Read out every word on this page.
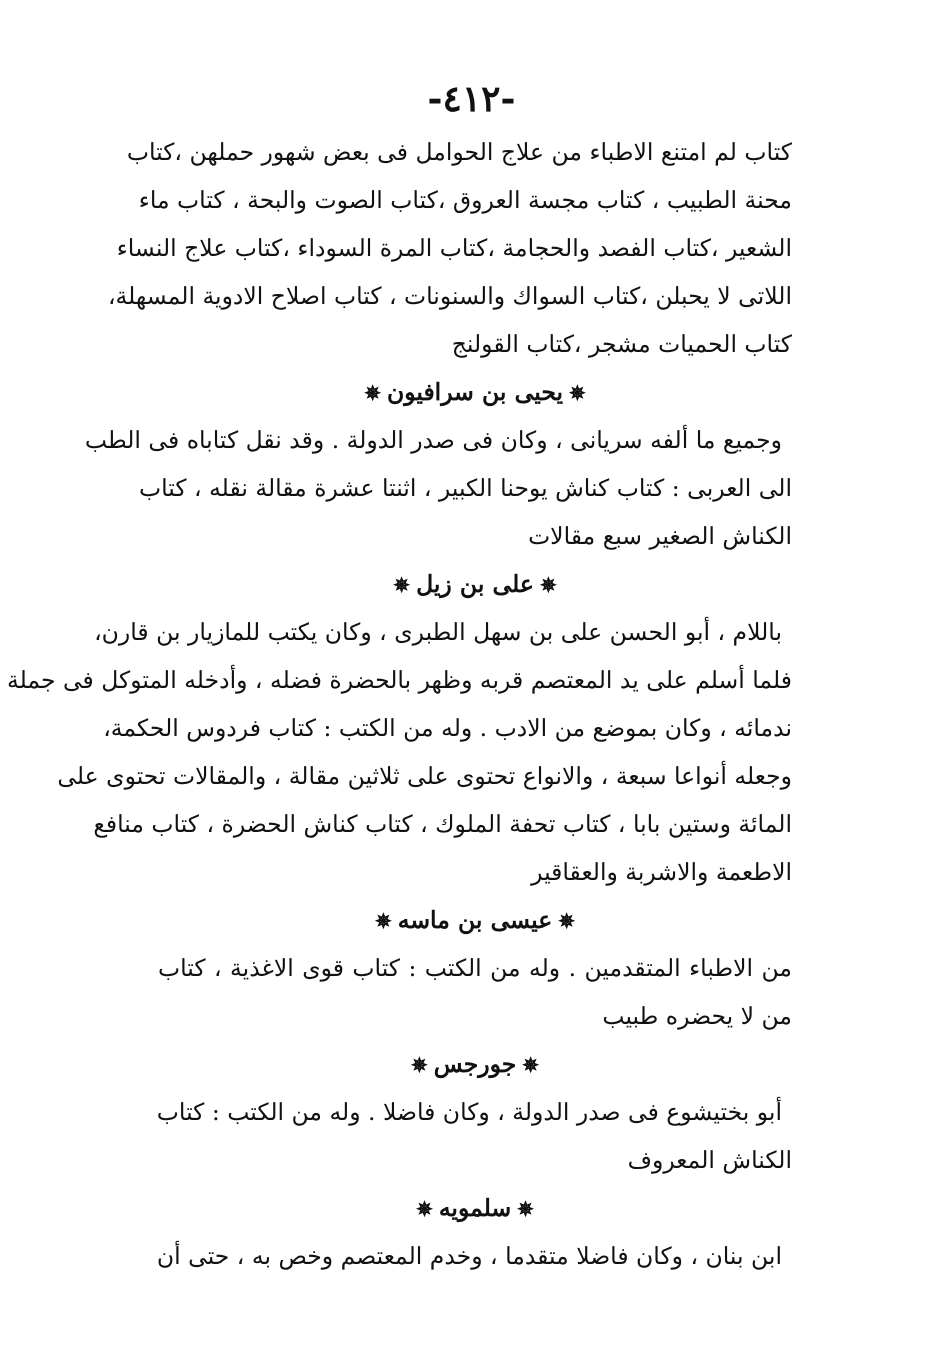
-٤١٢-
كتاب لم امتنع الاطباء من علاج الحوامل فى بعض شهور حملهن ،كتاب
محنة الطبيب ، كتاب مجسة العروق ،كتاب الصوت والبحة ، كتاب ماء
الشعير ،كتاب الفصد والحجامة ،كتاب المرة السوداء ،كتاب علاج النساء
اللاتى لا يحبلن ،كتاب السواك والسنونات ، كتاب اصلاح الادوية المسهلة،
كتاب الحميات مشجر ،كتاب القولنج
✵يحيى بن سرافيون✵
وجميع ما ألفه سريانى ، وكان فى صدر الدولة . وقد نقل كتاباه فى الطب
الى العربى : كتاب كناش يوحنا الكبير ، اثنتا عشرة مقالة نقله ، كتاب
الكناش الصغير سبع مقالات
✵على بن زيل✵
باللام ، أبو الحسن على بن سهل الطبرى ، وكان يكتب للمازيار بن قارن،
فلما أسلم على يد المعتصم قربه وظهر بالحضرة فضله ، وأدخله المتوكل فى جملة
ندمائه ، وكان بموضع من الادب . وله من الكتب : كتاب فردوس الحكمة،
وجعله أنواعا سبعة ، والانواع تحتوى على ثلاثين مقالة ، والمقالات تحتوى على
المائة وستين بابا ، كتاب تحفة الملوك ، كتاب كناش الحضرة ، كتاب منافع
الاطعمة والاشربة والعقاقير
✵عيسى بن ماسه✵
من الاطباء المتقدمين . وله من الكتب : كتاب قوى الاغذية ، كتاب
من لا يحضره طبيب
✵جورجس✵
أبو بختيشوع فى صدر الدولة ، وكان فاضلا . وله من الكتب : كتاب
الكناش المعروف
✵سلمويه✵
ابن بنان ، وكان فاضلا متقدما ، وخدم المعتصم وخص به ، حتى أن
